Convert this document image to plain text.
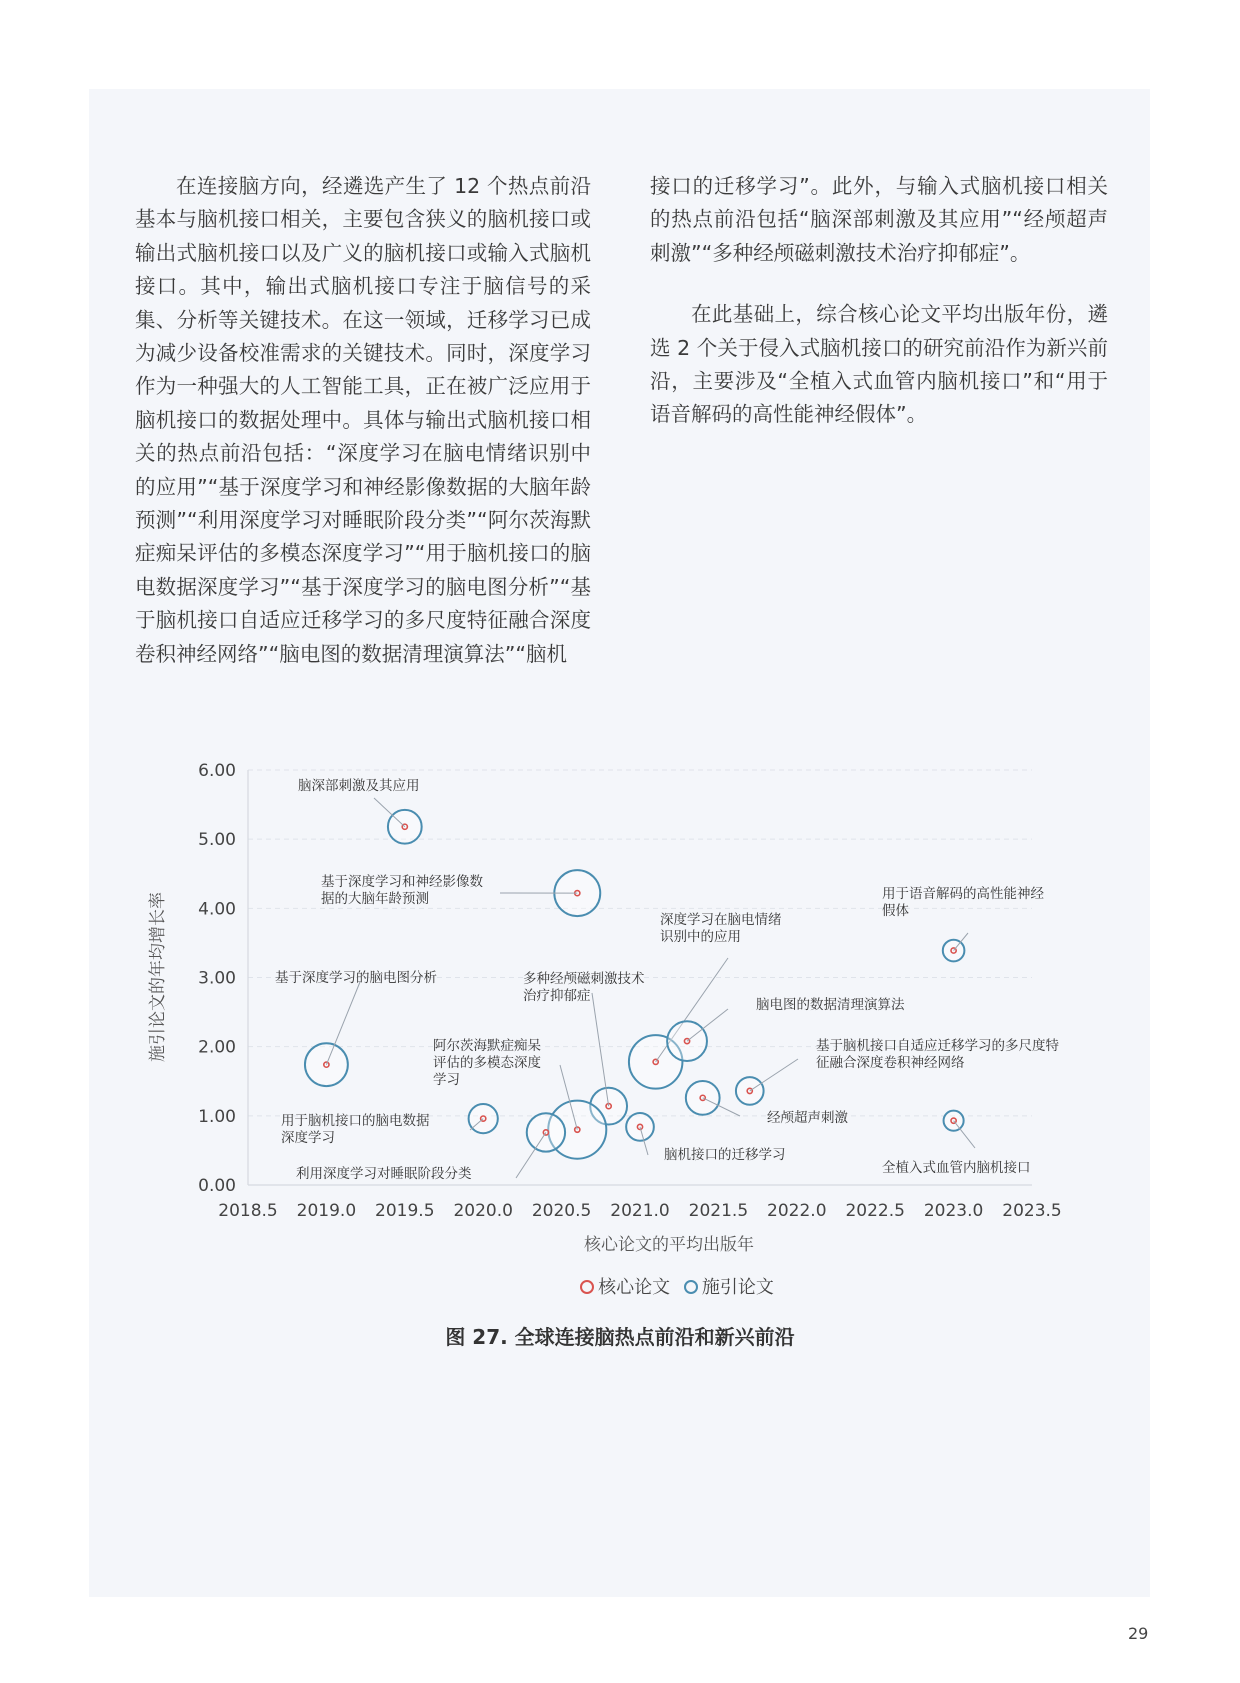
在连接脑方向，经遴选产生了 12 个热点前沿基本与脑机接口相关，主要包含狭义的脑机接口或输出式脑机接口以及广义的脑机接口或输入式脑机接口。其中，输出式脑机接口专注于脑信号的采集、分析等关键技术。在这一领域，迁移学习已成为减少设备校准需求的关键技术。同时，深度学习作为一种强大的人工智能工具，正在被广泛应用于脑机接口的数据处理中。具体与输出式脑机接口相关的热点前沿包括：“深度学习在脑电情绪识别中的应用”“基于深度学习和神经影像数据的大脑年龄预测”“利用深度学习对睡眠阶段分类”“阿尔茨海默症痴呆评估的多模态深度学习”“用于脑机接口的脑电数据深度学习”“基于深度学习的脑电图分析”“基于脑机接口自适应迁移学习的多尺度特征融合深度卷积神经网络”“脑电图的数据清理演算法”“脑机

接口的迁移学习”。此外，与输入式脑机接口相关的热点前沿包括“脑深部刺激及其应用”“经颅超声刺激”“多种经颅磁刺激技术治疗抑郁症”。

在此基础上，综合核心论文平均出版年份，遴选 2 个关于侵入式脑机接口的研究前沿作为新兴前沿，主要涉及“全植入式血管内脑机接口”和“用于语音解码的高性能神经假体”。

0.00
1.00
2.00
3.00
4.00
5.00
6.00
2018.5 2019.0 2019.5 2020.0 2020.5 2021.0 2021.5 2022.0 2022.5 2023.0 2023.5
核心论文的平均出版年
施引论文的年均增长率
脑深部刺激及其应用
基于深度学习和神经影像数
据的大脑年龄预测
基于深度学习的脑电图分析
用于语音解码的高性能神经
假体
深度学习在脑电情绪
识别中的应用
多种经颅磁刺激技术
治疗抑郁症
脑电图的数据清理演算法
阿尔茨海默症痴呆
评估的多模态深度
学习
基于脑机接口自适应迁移学习的多尺度特
征融合深度卷积神经网络
经颅超声刺激
用于脑机接口的脑电数据
深度学习
利用深度学习对睡眠阶段分类
脑机接口的迁移学习
全植入式血管内脑机接口
核心论文 施引论文
图 27. 全球连接脑热点前沿和新兴前沿
29
